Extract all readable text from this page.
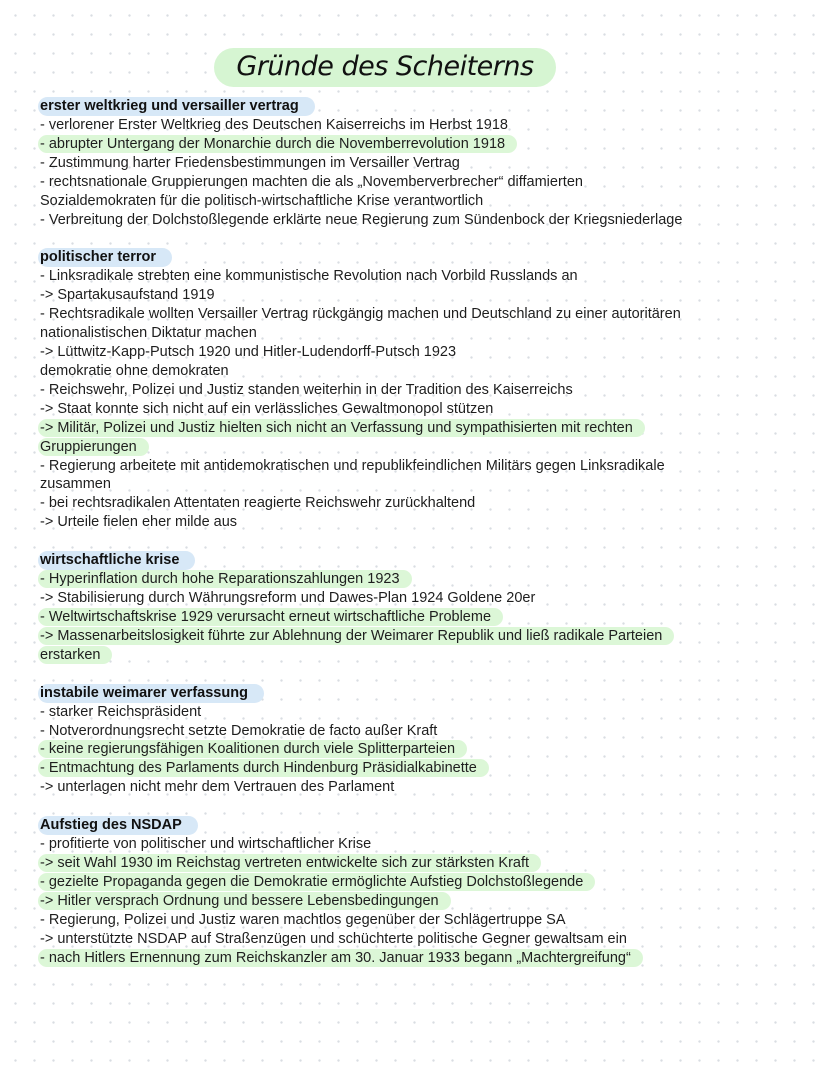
Gründe des Scheiterns
erster weltkrieg und versailler vertrag
- verlorener Erster Weltkrieg des Deutschen Kaiserreichs im Herbst 1918
- abrupter Untergang der Monarchie durch die Novemberrevolution 1918
- Zustimmung harter Friedensbestimmungen im Versailler Vertrag
- rechtsnationale Gruppierungen machten die als „Novemberverbrecher“ diffamierten
Sozialdemokraten für die politisch-wirtschaftliche Krise verantwortlich
- Verbreitung der Dolchstoßlegende erklärte neue Regierung zum Sündenbock der Kriegsniederlage
politischer terror
- Linksradikale strebten eine kommunistische Revolution nach Vorbild Russlands an
-> Spartakusaufstand 1919
- Rechtsradikale wollten Versailler Vertrag rückgängig machen und Deutschland zu einer autoritären
nationalistischen Diktatur machen
-> Lüttwitz-Kapp-Putsch 1920 und Hitler-Ludendorff-Putsch 1923
demokratie ohne demokraten
- Reichswehr, Polizei und Justiz standen weiterhin in der Tradition des Kaiserreichs
-> Staat konnte sich nicht auf ein verlässliches Gewaltmonopol stützen
-> Militär, Polizei und Justiz hielten sich nicht an Verfassung und sympathisierten mit rechten
Gruppierungen
- Regierung arbeitete mit antidemokratischen und republikfeindlichen Militärs gegen Linksradikale
zusammen
- bei rechtsradikalen Attentaten reagierte Reichswehr zurückhaltend
-> Urteile fielen eher milde aus
wirtschaftliche krise
- Hyperinflation durch hohe Reparationszahlungen 1923
-> Stabilisierung durch Währungsreform und Dawes-Plan 1924 Goldene 20er
- Weltwirtschaftskrise 1929 verursacht erneut wirtschaftliche Probleme
-> Massenarbeitslosigkeit führte zur Ablehnung der Weimarer Republik und ließ radikale Parteien
erstarken
instabile weimarer verfassung
- starker Reichspräsident
- Notverordnungsrecht setzte Demokratie de facto außer Kraft
- keine regierungsfähigen Koalitionen durch viele Splitterparteien
- Entmachtung des Parlaments durch Hindenburg Präsidialkabinette
-> unterlagen nicht mehr dem Vertrauen des Parlament
Aufstieg des NSDAP
- profitierte von politischer und wirtschaftlicher Krise
-> seit Wahl 1930 im Reichstag vertreten entwickelte sich zur stärksten Kraft
- gezielte Propaganda gegen die Demokratie ermöglichte Aufstieg Dolchstoßlegende
-> Hitler versprach Ordnung und bessere Lebensbedingungen
- Regierung, Polizei und Justiz waren machtlos gegenüber der Schlägertruppe SA
-> unterstützte NSDAP auf Straßenzügen und schüchterte politische Gegner gewaltsam ein
- nach Hitlers Ernennung zum Reichskanzler am 30. Januar 1933 begann „Machtergreifung“
